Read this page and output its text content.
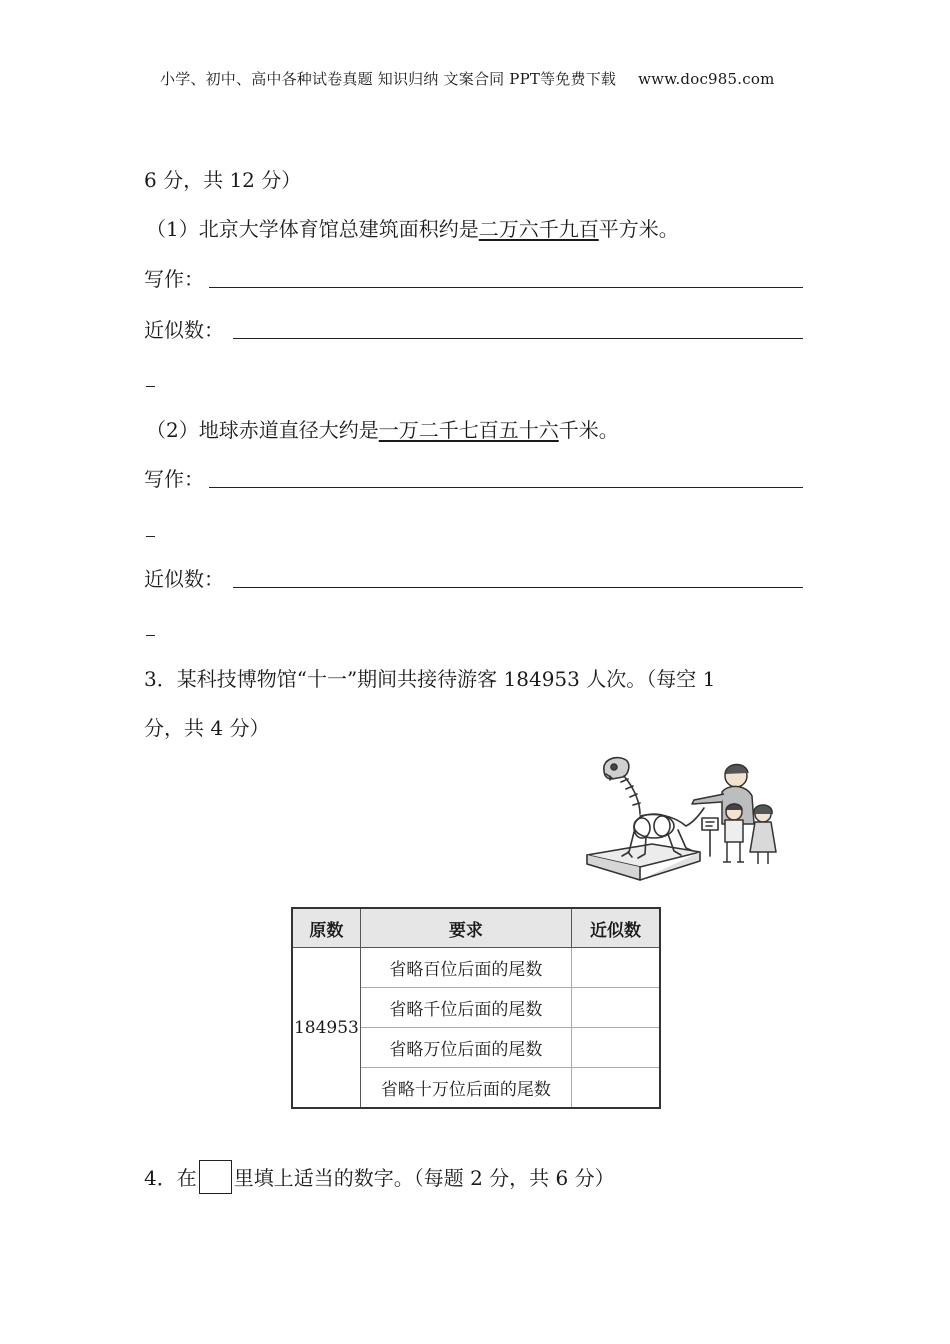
小学、初中、高中各种试卷真题 知识归纳 文案合同 PPT等免费下载 www.doc985.com
6 分，共 12 分）
（1）北京大学体育馆总建筑面积约是二万六千九百平方米。
写作：
近似数：
（2）地球赤道直径大约是一万二千七百五十六千米。
写作：
近似数：
3．某科技博物馆“十一”期间共接待游客 184953 人次。（每空 1
分，共 4 分）
原数	要求	近似数
184953	省略百位后面的尾数	
	省略千位后面的尾数	
	省略万位后面的尾数	
	省略十万位后面的尾数	
4．在 里填上适当的数字。（每题 2 分，共 6 分）
